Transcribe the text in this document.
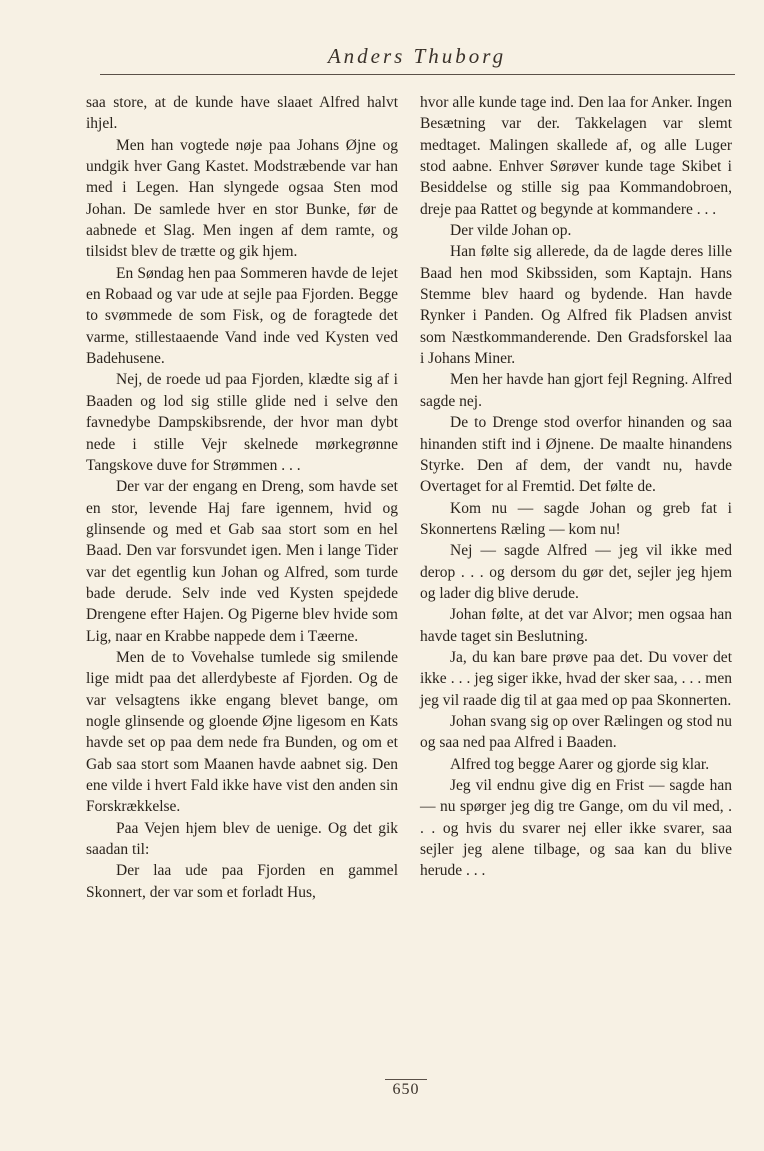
Anders Thuborg

saa store, at de kunde have slaaet Alfred halvt ihjel.

Men han vogtede nøje paa Johans Øjne og undgik hver Gang Kastet. Modstræbende var han med i Legen. Han slyngede ogsaa Sten mod Johan. De samlede hver en stor Bunke, før de aabnede et Slag. Men ingen af dem ramte, og tilsidst blev de trætte og gik hjem.

En Søndag hen paa Sommeren havde de lejet en Robaad og var ude at sejle paa Fjorden. Begge to svømmede de som Fisk, og de foragtede det varme, stillestaaende Vand inde ved Kysten ved Badehusene.

Nej, de roede ud paa Fjorden, klædte sig af i Baaden og lod sig stille glide ned i selve den favnedybe Dampskibsrende, der hvor man dybt nede i stille Vejr skelnede mørkegrønne Tangskove duve for Strømmen . . .

Der var der engang en Dreng, som havde set en stor, levende Haj fare igennem, hvid og glinsende og med et Gab saa stort som en hel Baad. Den var forsvundet igen. Men i lange Tider var det egentlig kun Johan og Alfred, som turde bade derude. Selv inde ved Kysten spejdede Drengene efter Hajen. Og Pigerne blev hvide som Lig, naar en Krabbe nappede dem i Tæerne.

Men de to Vovehalse tumlede sig smilende lige midt paa det allerdybeste af Fjorden. Og de var velsagtens ikke engang blevet bange, om nogle glinsende og gloende Øjne ligesom en Kats havde set op paa dem nede fra Bunden, og om et Gab saa stort som Maanen havde aabnet sig. Den ene vilde i hvert Fald ikke have vist den anden sin Forskrækkelse.

Paa Vejen hjem blev de uenige. Og det gik saadan til:

Der laa ude paa Fjorden en gammel Skonnert, der var som et forladt Hus,

hvor alle kunde tage ind. Den laa for Anker. Ingen Besætning var der. Takkelagen var slemt medtaget. Malingen skallede af, og alle Luger stod aabne. Enhver Sørøver kunde tage Skibet i Besiddelse og stille sig paa Kommandobroen, dreje paa Rattet og begynde at kommandere . . .

Der vilde Johan op.

Han følte sig allerede, da de lagde deres lille Baad hen mod Skibssiden, som Kaptajn. Hans Stemme blev haard og bydende. Han havde Rynker i Panden. Og Alfred fik Pladsen anvist som Næstkommanderende. Den Gradsforskel laa i Johans Miner.

Men her havde han gjort fejl Regning. Alfred sagde nej.

De to Drenge stod overfor hinanden og saa hinanden stift ind i Øjnene. De maalte hinandens Styrke. Den af dem, der vandt nu, havde Overtaget for al Fremtid. Det følte de.

Kom nu — sagde Johan og greb fat i Skonnertens Ræling — kom nu!

Nej — sagde Alfred — jeg vil ikke med derop . . . og dersom du gør det, sejler jeg hjem og lader dig blive derude.

Johan følte, at det var Alvor; men ogsaa han havde taget sin Beslutning.

Ja, du kan bare prøve paa det. Du vover det ikke . . . jeg siger ikke, hvad der sker saa, . . . men jeg vil raade dig til at gaa med op paa Skonnerten.

Johan svang sig op over Rælingen og stod nu og saa ned paa Alfred i Baaden.

Alfred tog begge Aarer og gjorde sig klar.

Jeg vil endnu give dig en Frist — sagde han — nu spørger jeg dig tre Gange, om du vil med, . . . og hvis du svarer nej eller ikke svarer, saa sejler jeg alene tilbage, og saa kan du blive herude . . .

650
